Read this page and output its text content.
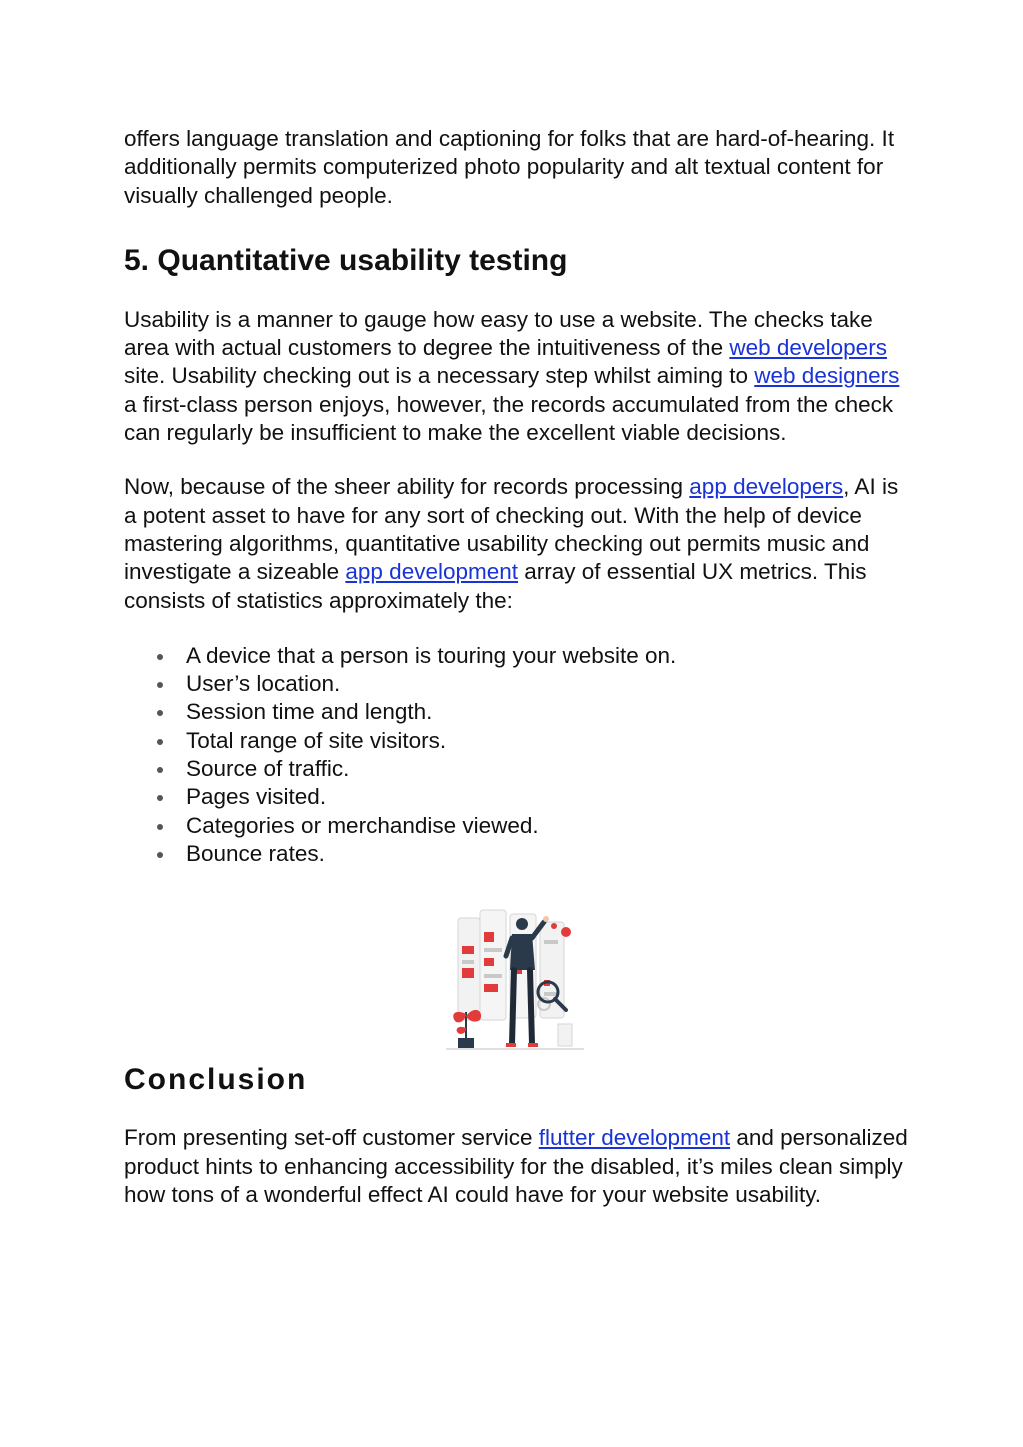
offers language translation and captioning for folks that are hard-of-hearing. It additionally permits computerized photo popularity and alt textual content for visually challenged people.

5. Quantitative usability testing

Usability is a manner to gauge how easy to use a website. The checks take area with actual customers to degree the intuitiveness of the web developers site. Usability checking out is a necessary step whilst aiming to web designers a first-class person enjoys, however, the records accumulated from the check can regularly be insufficient to make the excellent viable decisions.

Now, because of the sheer ability for records processing app developers, AI is a potent asset to have for any sort of checking out. With the help of device mastering algorithms, quantitative usability checking out permits music and investigate a sizeable app development array of essential UX metrics. This consists of statistics approximately the:

A device that a person is touring your website on.
User’s location.
Session time and length.
Total range of site visitors.
Source of traffic.
Pages visited.
Categories or merchandise viewed.
Bounce rates.
Conclusion

From presenting set-off customer service flutter development and personalized product hints to enhancing accessibility for the disabled, it’s miles clean simply how tons of a wonderful effect AI could have for your website usability.
